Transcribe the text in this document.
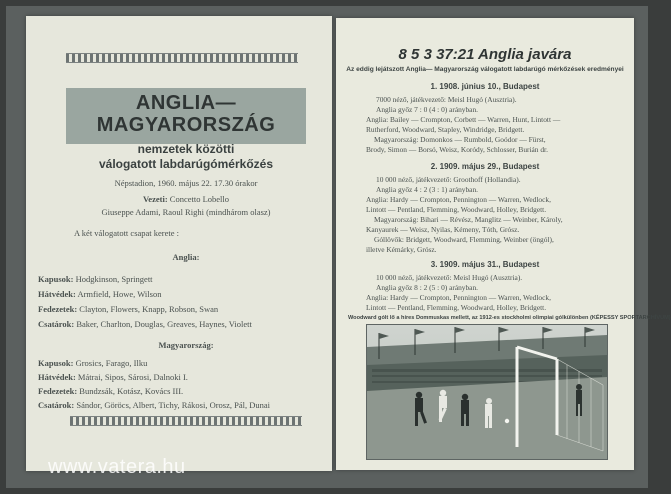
ANGLIA—
MAGYARORSZÁG
nemzetek közötti
válogatott labdarúgómérkőzés
Népstadion, 1960. május 22. 17.30 órakor
Vezeti: Concetto Lobello
Giuseppe Adami, Raoul Righi (mindhárom olasz)
A két válogatott csapat kerete :
Anglia:
Kapusok: Hodgkinson, Springett
Hátvédek: Armfield, Howe, Wilson
Fedezetek: Clayton, Flowers, Knapp, Robson, Swan
Csatárok: Baker, Charlton, Douglas, Greaves, Haynes, Violett
Magyarország:
Kapusok: Grosics, Farago, Ilku
Hátvédek: Mátrai, Sipos, Sárosi, Dalnoki I.
Fedezetek: Bundzsák, Kotász, Kovács III.
Csatárok: Sándor, Göröcs, Albert, Tichy, Rákosi, Orosz, Pál, Dunai
8 5 3 37:21 Anglia javára
Az eddig lejátszott Anglia— Magyarország válogatott labdarúgó mérkőzések eredményei
1. 1908. június 10., Budapest
7000 néző, játékvezető: Meisl Hugó (Ausztria).
Anglia győz 7 : 0 (4 : 0) arányban.
Anglia: Bailey — Crompton, Corbett — Warren, Hunt, Lintott —
Rutherford, Woodward, Stapley, Windridge, Bridgett.
Magyarország: Domonkos — Rumbold, Goódor — Fürst,
Brody, Simon — Borsó, Weisz, Koródy, Schlosser, Burián dr.
2. 1909. május 29., Budapest
10 000 néző, játékvezető: Groothoff (Hollandia).
Anglia győz 4 : 2 (3 : 1) arányban.
Anglia: Hardy — Crompton, Pennington — Warren, Wedlock,
Lintott — Pentland, Flemming, Woodward, Holley, Bridgett.
Magyarország: Bihari — Révész, Manglitz — Weinber, Károly,
Kanyaurek — Weisz, Nyilas, Kémeny, Tóth, Grósz.
Góllövők: Bridgett, Woodward, Flemming, Weinber (öngól),
illetve Kémárky, Grósz.
3. 1909. május 31., Budapest
10 000 néző, játékvezető: Meisl Hugó (Ausztria).
Anglia győz 8 : 2 (5 : 0) arányban.
Anglia: Hardy — Crompton, Pennington — Warren, Wedlock,
Lintott — Pentland, Flemming, Woodward, Holley, Bridgett.
Woodward gólt lő a híres Dommuskas mellett, az 1912-es stockholmi olimpiai gólkülönben (KÉPESSY SPORTARCHÍVUM)
www.vatera.hu
